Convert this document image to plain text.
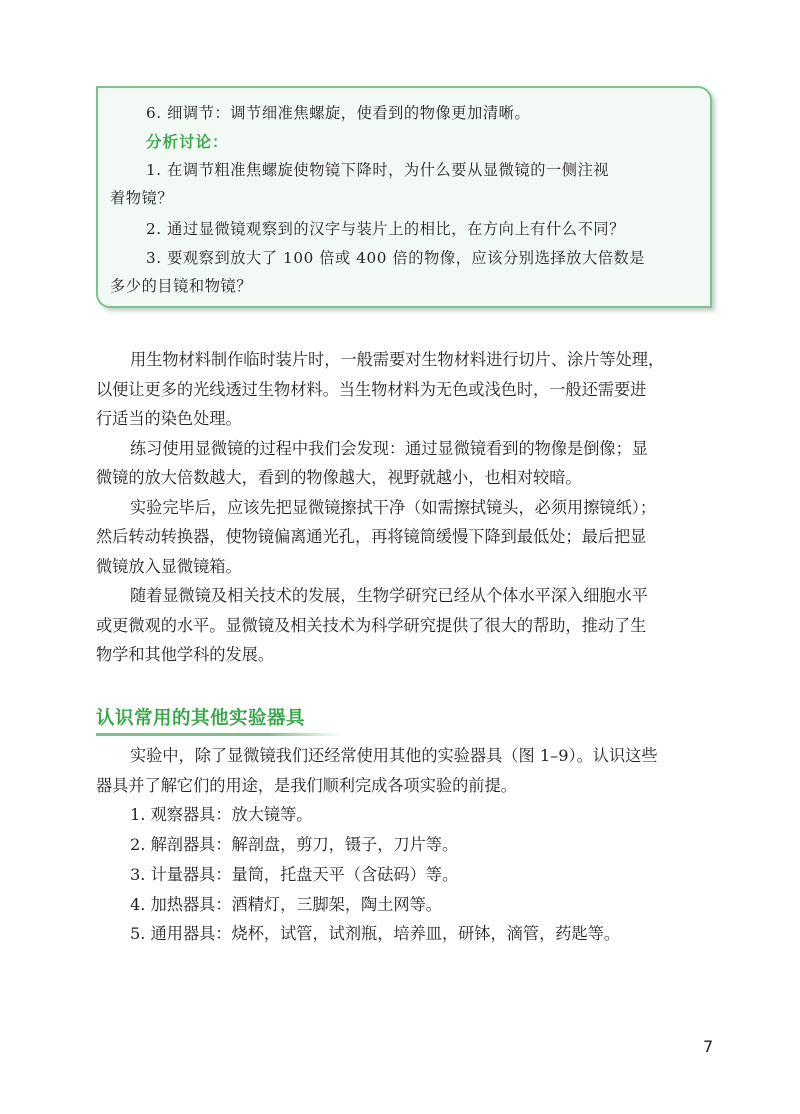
6. 细调节：调节细准焦螺旋，使看到的物像更加清晰。
分析讨论：
1. 在调节粗准焦螺旋使物镜下降时，为什么要从显微镜的一侧注视
着物镜？
2. 通过显微镜观察到的汉字与装片上的相比，在方向上有什么不同？
3. 要观察到放大了 100 倍或 400 倍的物像，应该分别选择放大倍数是
多少的目镜和物镜？
用生物材料制作临时装片时，一般需要对生物材料进行切片、涂片等处理，
以便让更多的光线透过生物材料。当生物材料为无色或浅色时，一般还需要进
行适当的染色处理。
练习使用显微镜的过程中我们会发现：通过显微镜看到的物像是倒像；显
微镜的放大倍数越大，看到的物像越大，视野就越小，也相对较暗。
实验完毕后，应该先把显微镜擦拭干净（如需擦拭镜头，必须用擦镜纸）；
然后转动转换器，使物镜偏离通光孔，再将镜筒缓慢下降到最低处；最后把显
微镜放入显微镜箱。
随着显微镜及相关技术的发展，生物学研究已经从个体水平深入细胞水平
或更微观的水平。显微镜及相关技术为科学研究提供了很大的帮助，推动了生
物学和其他学科的发展。
认识常用的其他实验器具
实验中，除了显微镜我们还经常使用其他的实验器具（图 1–9）。认识这些
器具并了解它们的用途，是我们顺利完成各项实验的前提。
1. 观察器具：放大镜等。
2. 解剖器具：解剖盘，剪刀，镊子，刀片等。
3. 计量器具：量筒，托盘天平（含砝码）等。
4. 加热器具：酒精灯，三脚架，陶土网等。
5. 通用器具：烧杯，试管，试剂瓶，培养皿，研钵，滴管，药匙等。
7
